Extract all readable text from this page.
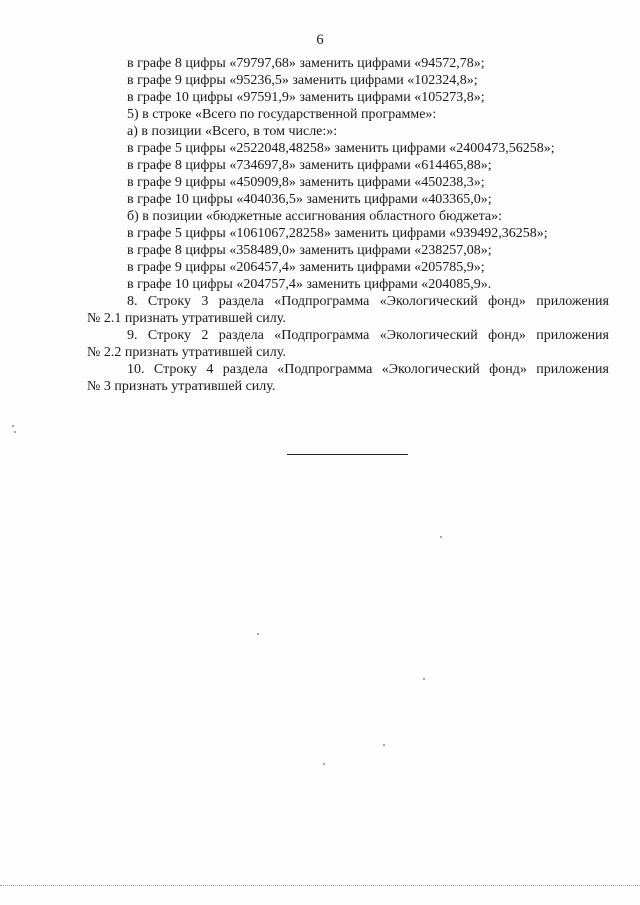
6
в графе 8 цифры «79797,68» заменить цифрами «94572,78»;
в графе 9 цифры «95236,5» заменить цифрами «102324,8»;
в графе 10 цифры «97591,9» заменить цифрами «105273,8»;
5) в строке «Всего по государственной программе»:
а) в позиции «Всего, в том числе:»:
в графе 5 цифры «2522048,48258» заменить цифрами «2400473,56258»;
в графе 8 цифры «734697,8» заменить цифрами «614465,88»;
в графе 9 цифры «450909,8» заменить цифрами «450238,3»;
в графе 10 цифры «404036,5» заменить цифрами «403365,0»;
б) в позиции «бюджетные ассигнования областного бюджета»:
в графе 5 цифры «1061067,28258» заменить цифрами «939492,36258»;
в графе 8 цифры «358489,0» заменить цифрами «238257,08»;
в графе 9 цифры «206457,4» заменить цифрами «205785,9»;
в графе 10 цифры «204757,4» заменить цифрами «204085,9».
8. Строку 3 раздела «Подпрограмма «Экологический фонд» приложения
№ 2.1 признать утратившей силу.
9. Строку 2 раздела «Подпрограмма «Экологический фонд» приложения
№ 2.2 признать утратившей силу.
10. Строку 4 раздела «Подпрограмма «Экологический фонд» приложения
№ 3 признать утратившей силу.
